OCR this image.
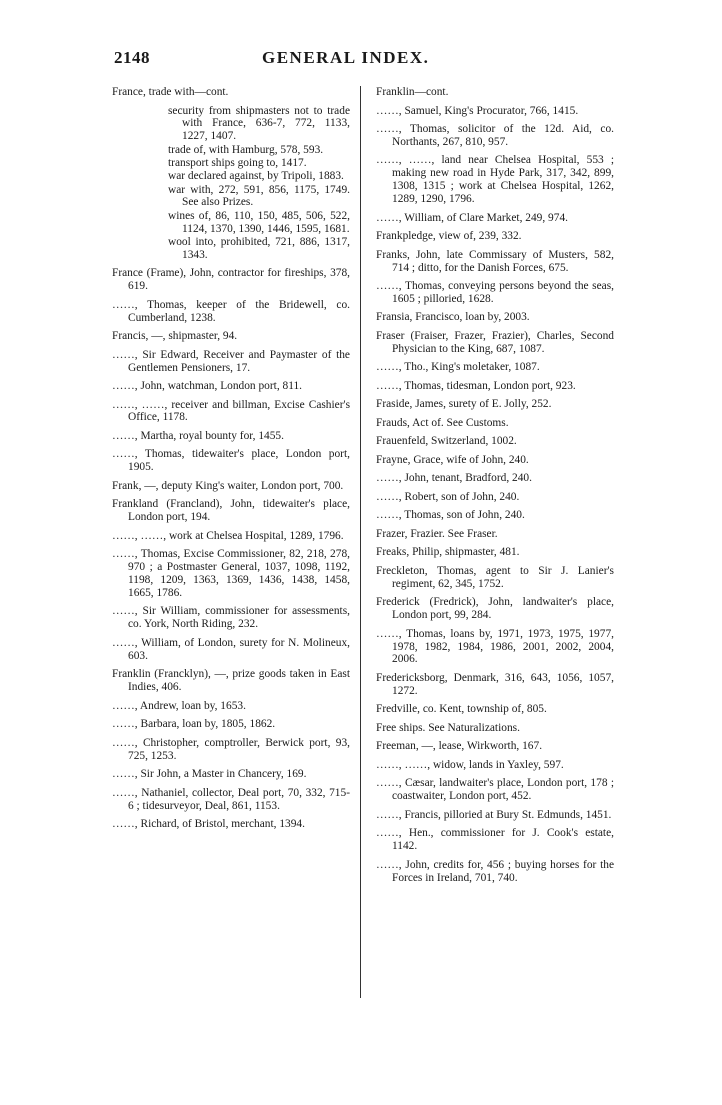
2148	GENERAL INDEX.

France, trade with—cont.

security from shipmasters not to trade with France, 636-7, 772, 1133, 1227, 1407.

trade of, with Hamburg, 578, 593.

transport ships going to, 1417.

war declared against, by Tripoli, 1883.

war with, 272, 591, 856, 1175, 1749. See also Prizes.

wines of, 86, 110, 150, 485, 506, 522, 1124, 1370, 1390, 1446, 1595, 1681.

wool into, prohibited, 721, 886, 1317, 1343.

France (Frame), John, contractor for fireships, 378, 619.

……, Thomas, keeper of the Bridewell, co. Cumberland, 1238.

Francis, —, shipmaster, 94.

……, Sir Edward, Receiver and Paymaster of the Gentlemen Pensioners, 17.

……, John, watchman, London port, 811.

……, ……, receiver and billman, Excise Cashier's Office, 1178.

……, Martha, royal bounty for, 1455.

……, Thomas, tidewaiter's place, London port, 1905.

Frank, —, deputy King's waiter, London port, 700.

Frankland (Francland), John, tidewaiter's place, London port, 194.

……, ……, work at Chelsea Hospital, 1289, 1796.

……, Thomas, Excise Commissioner, 82, 218, 278, 970 ; a Postmaster General, 1037, 1098, 1192, 1198, 1209, 1363, 1369, 1436, 1438, 1458, 1665, 1786.

……, Sir William, commissioner for assessments, co. York, North Riding, 232.

……, William, of London, surety for N. Molineux, 603.

Franklin (Francklyn), —, prize goods taken in East Indies, 406.

……, Andrew, loan by, 1653.

……, Barbara, loan by, 1805, 1862.

……, Christopher, comptroller, Berwick port, 93, 725, 1253.

……, Sir John, a Master in Chancery, 169.

……, Nathaniel, collector, Deal port, 70, 332, 715-6 ; tidesurveyor, Deal, 861, 1153.

……, Richard, of Bristol, merchant, 1394.

Franklin—cont.

……, Samuel, King's Procurator, 766, 1415.

……, Thomas, solicitor of the 12d. Aid, co. Northants, 267, 810, 957.

……, ……, land near Chelsea Hospital, 553 ; making new road in Hyde Park, 317, 342, 899, 1308, 1315 ; work at Chelsea Hospital, 1262, 1289, 1290, 1796.

……, William, of Clare Market, 249, 974.

Frankpledge, view of, 239, 332.

Franks, John, late Commissary of Musters, 582, 714 ; ditto, for the Danish Forces, 675.

……, Thomas, conveying persons beyond the seas, 1605 ; pilloried, 1628.

Fransia, Francisco, loan by, 2003.

Fraser (Fraiser, Frazer, Frazier), Charles, Second Physician to the King, 687, 1087.

……, Tho., King's moletaker, 1087.

……, Thomas, tidesman, London port, 923.

Fraside, James, surety of E. Jolly, 252.

Frauds, Act of. See Customs.

Frauenfeld, Switzerland, 1002.

Frayne, Grace, wife of John, 240.

……, John, tenant, Bradford, 240.

……, Robert, son of John, 240.

……, Thomas, son of John, 240.

Frazer, Frazier. See Fraser.

Freaks, Philip, shipmaster, 481.

Freckleton, Thomas, agent to Sir J. Lanier's regiment, 62, 345, 1752.

Frederick (Fredrick), John, landwaiter's place, London port, 99, 284.

……, Thomas, loans by, 1971, 1973, 1975, 1977, 1978, 1982, 1984, 1986, 2001, 2002, 2004, 2006.

Fredericksborg, Denmark, 316, 643, 1056, 1057, 1272.

Fredville, co. Kent, township of, 805.

Free ships. See Naturalizations.

Freeman, —, lease, Wirkworth, 167.

……, ……, widow, lands in Yaxley, 597.

……, Cæsar, landwaiter's place, London port, 178 ; coastwaiter, London port, 452.

……, Francis, pilloried at Bury St. Edmunds, 1451.

……, Hen., commissioner for J. Cook's estate, 1142.

……, John, credits for, 456 ; buying horses for the Forces in Ireland, 701, 740.
